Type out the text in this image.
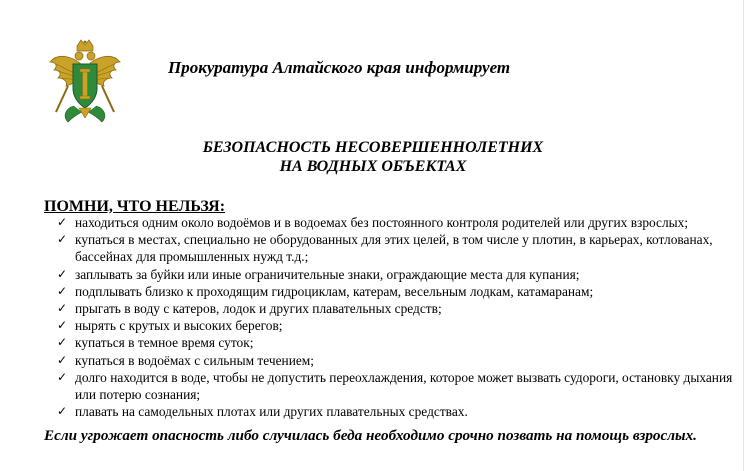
Прокуратура Алтайского края информирует
БЕЗОПАСНОСТЬ НЕСОВЕРШЕННОЛЕТНИХ
НА ВОДНЫХ ОБЪЕКТАХ
ПОМНИ, ЧТО НЕЛЬЗЯ:
✓ находиться одним около водоёмов и в водоемах без постоянного контроля родителей или других взрослых;
✓ купаться в местах, специально не оборудованных для этих целей, в том числе у плотин, в карьерах, котлованах, бассейнах для промышленных нужд т.д.;
✓ заплывать за буйки или иные ограничительные знаки, ограждающие места для купания;
✓ подплывать близко к проходящим гидроциклам, катерам, весельным лодкам, катамаранам;
✓ прыгать в воду с катеров, лодок и других плавательных средств;
✓ нырять с крутых и высоких берегов;
✓ купаться в темное время суток;
✓ купаться в водоёмах с сильным течением;
✓ долго находится в воде, чтобы не допустить переохлаждения, которое может вызвать судороги, остановку дыхания или потерю сознания;
✓ плавать на самодельных плотах или других плавательных средствах.
Если угрожает опасность либо случилась беда необходимо срочно позвать на помощь взрослых.
